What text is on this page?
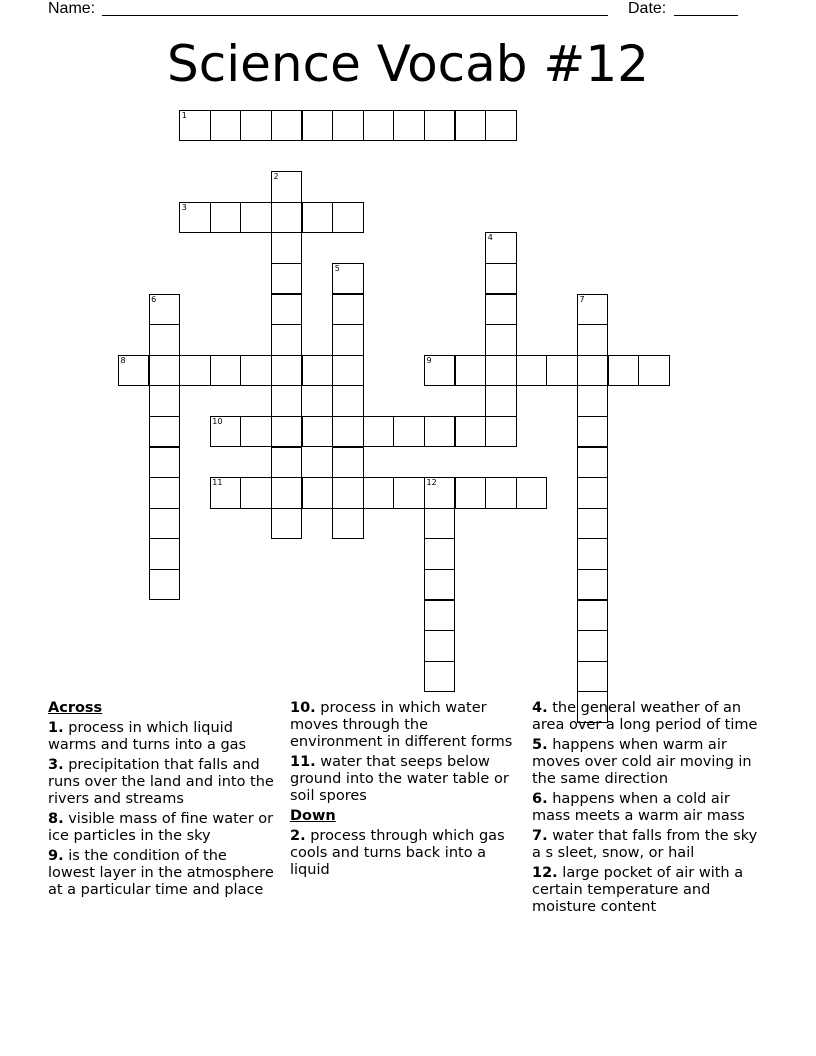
Name:	Date:
Science Vocab #12
1
2
3
4
5
6	7
8	9
10
11	12
Across
1. process in which liquid warms and turns into a gas
3. precipitation that falls and runs over the land and into the rivers and streams
8. visible mass of fine water or ice particles in the sky
9. is the condition of the lowest layer in the atmosphere at a particular time and place
10. process in which water moves through the environment in different forms
11. water that seeps below ground into the water table or soil spores
Down
2. process through which gas cools and turns back into a liquid
4. the general weather of an area over a long period of time
5. happens when warm air moves over cold air moving in the same direction
6. happens when a cold air mass meets a warm air mass
7. water that falls from the sky a s sleet, snow, or hail
12. large pocket of air with a certain temperature and moisture content
